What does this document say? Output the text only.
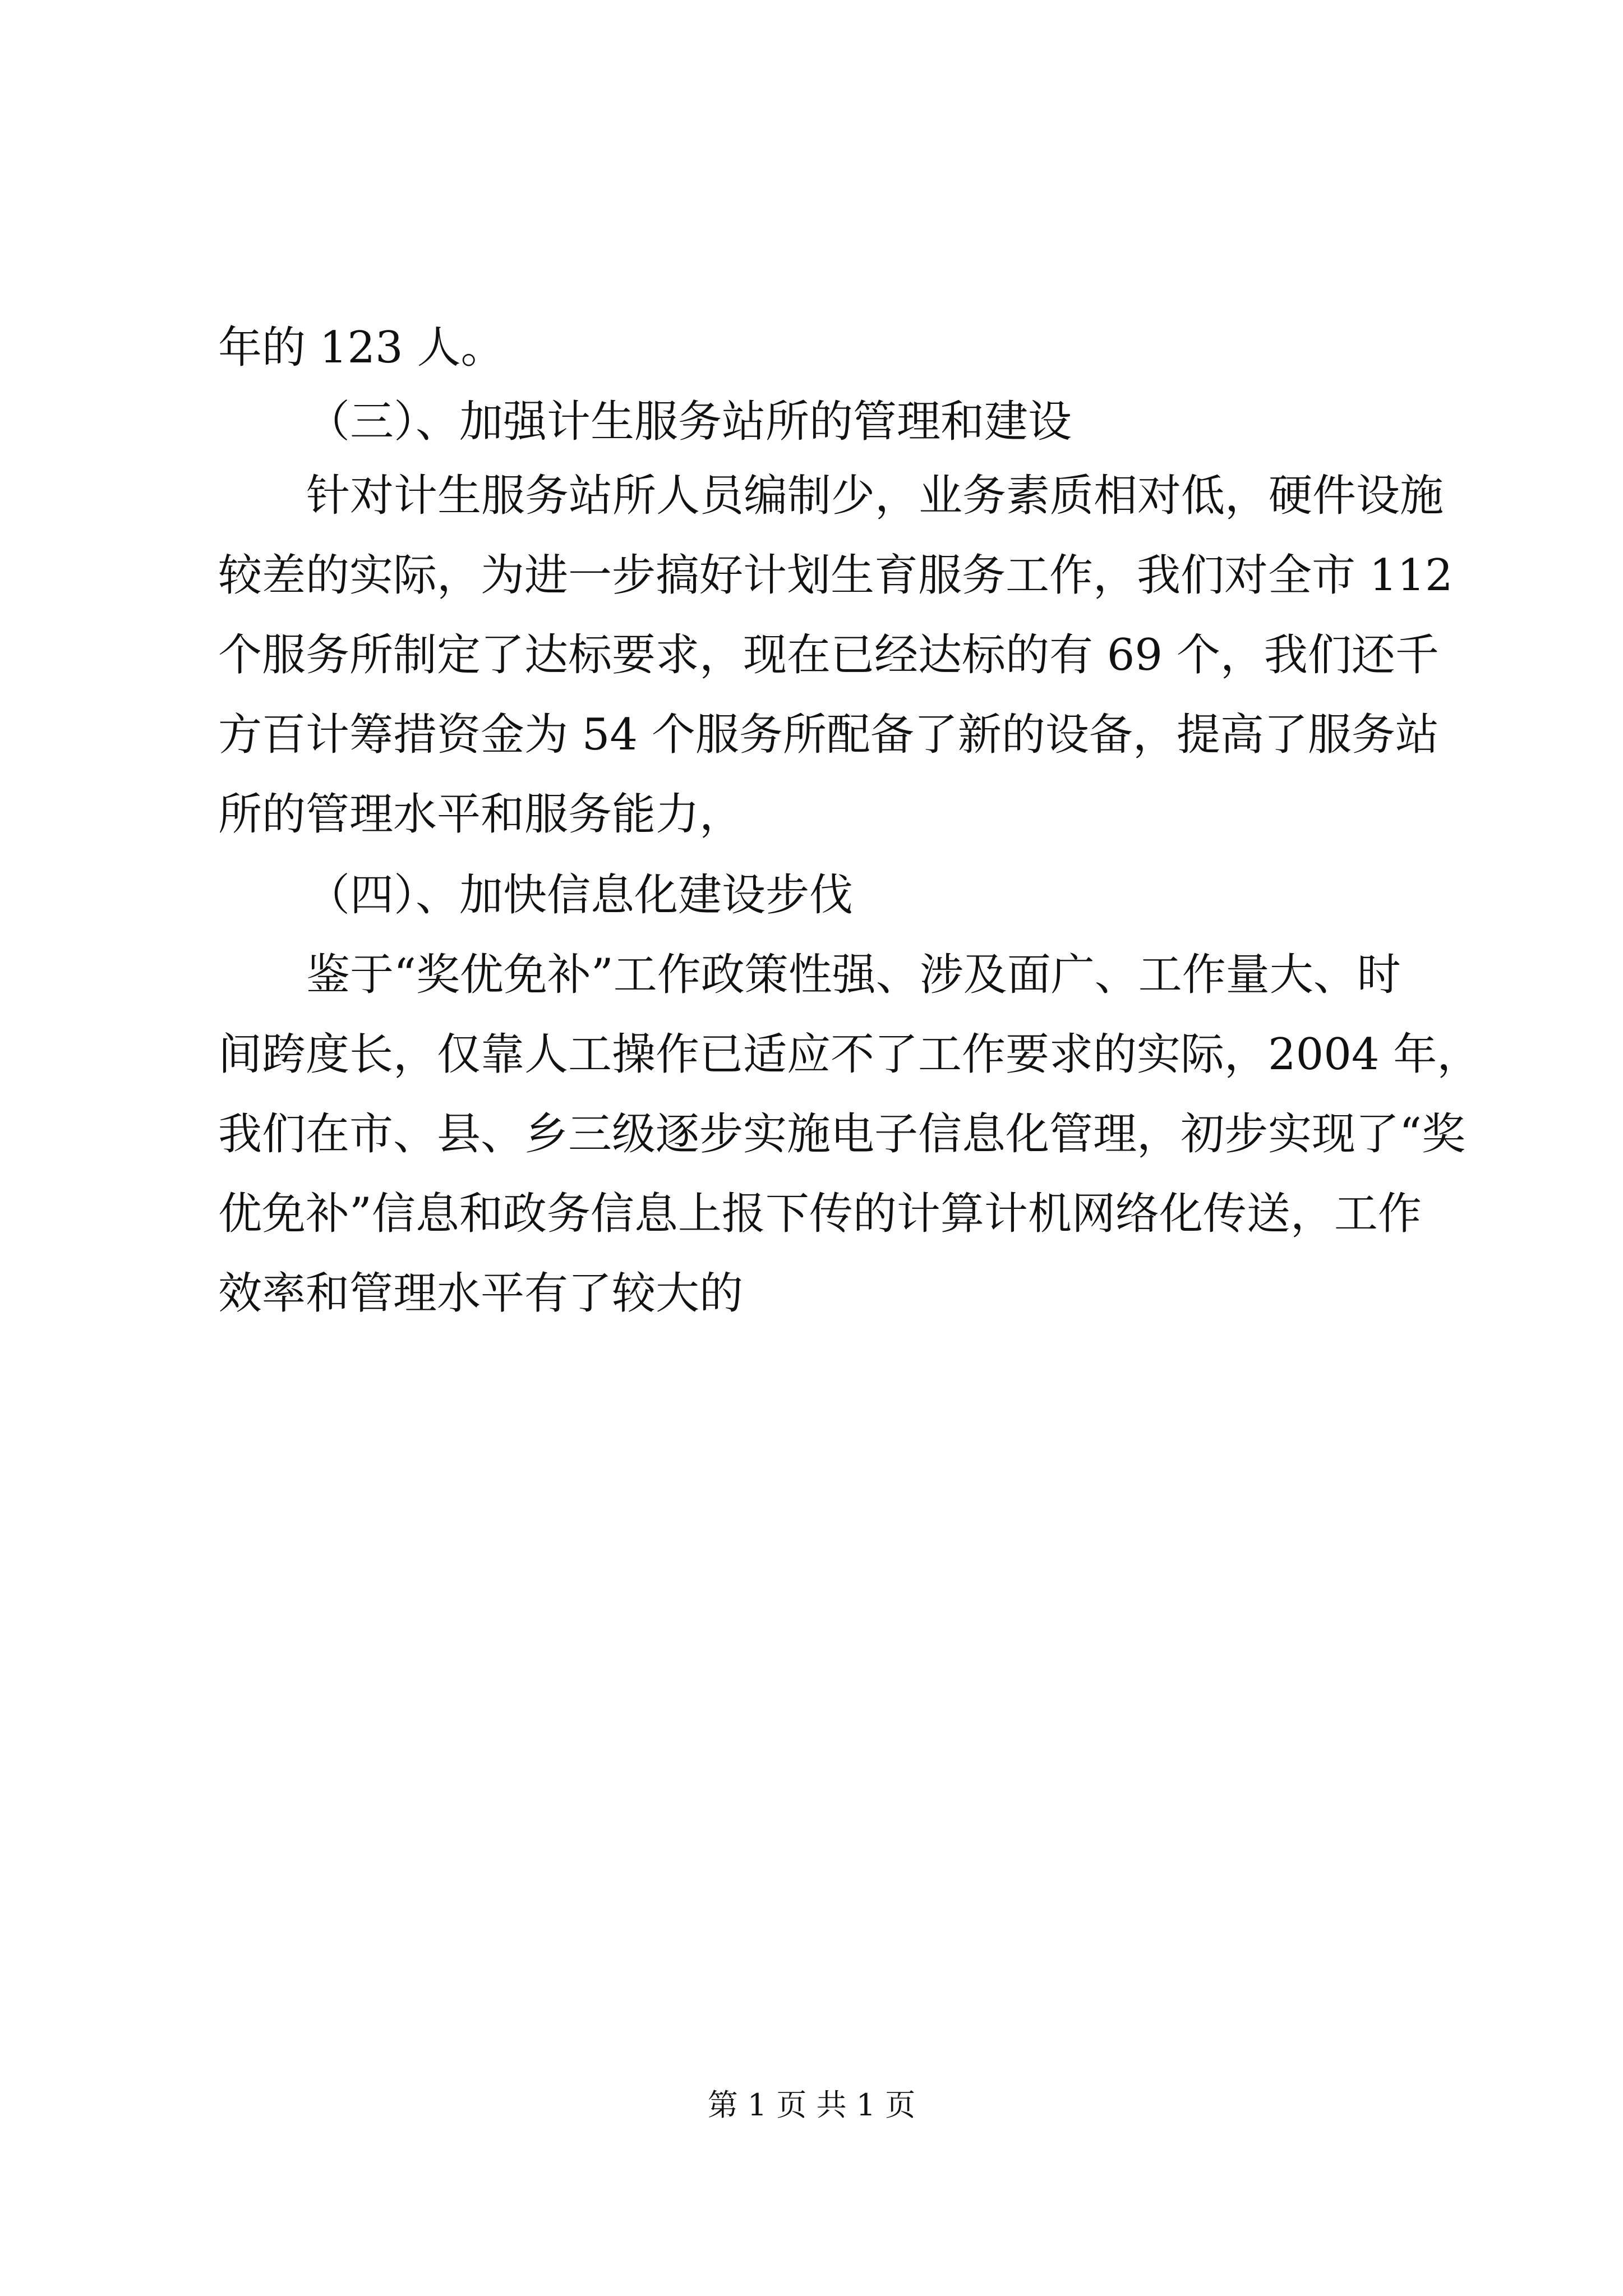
年的 123 人。
（三）、加强计生服务站所的管理和建设
针对计生服务站所人员编制少，业务素质相对低，硬件设施
较差的实际，为进一步搞好计划生育服务工作，我们对全市 112
个服务所制定了达标要求，现在已经达标的有 69 个，我们还千
方百计筹措资金为 54 个服务所配备了新的设备，提高了服务站
所的管理水平和服务能力，
（四）、加快信息化建设步伐
鉴于“奖优免补”工作政策性强、涉及面广、工作量大、时
间跨度长，仅靠人工操作已适应不了工作要求的实际，2004 年，
我们在市、县、乡三级逐步实施电子信息化管理，初步实现了“奖
优免补”信息和政务信息上报下传的计算计机网络化传送，工作
效率和管理水平有了较大的
第 1 页 共 1 页
